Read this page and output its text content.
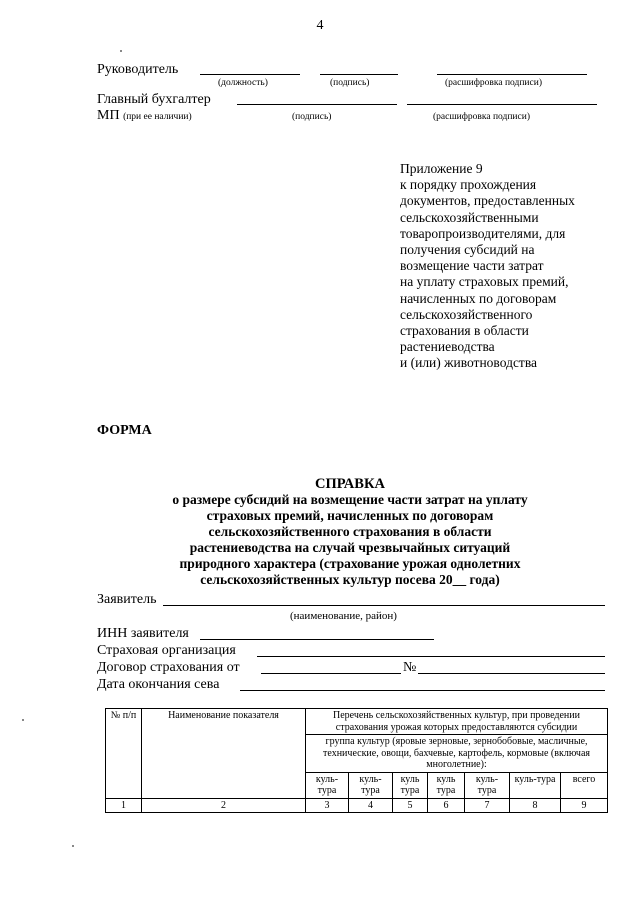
4
Руководитель
(должность)	(подпись)	(расшифровка подписи)
Главный бухгалтер
МП (при ее наличии)	(подпись)	(расшифровка подписи)
Приложение 9
к порядку прохождения
документов, предоставленных
сельскохозяйственными
товаропроизводителями, для
получения субсидий на
возмещение части затрат
на уплату страховых премий,
начисленных по договорам
сельскохозяйственного
страхования в области
растениеводства
и (или) животноводства
ФОРМА
СПРАВКА
о размере субсидий на возмещение части затрат на уплату
страховых премий, начисленных по договорам
сельскохозяйственного страхования в области
растениеводства на случай чрезвычайных ситуаций
природного характера (страхование урожая однолетних
сельскохозяйственных культур посева 20__ года)
Заявитель
(наименование, район)
ИНН заявителя
Страховая организация
Договор страхования от	№
Дата окончания сева
№ п/п	Наименование показателя	Перечень сельскохозяйственных культур, при проведении страхования урожая которых предоставляются субсидии						
		группа культур (яровые зерновые, зернобобовые, масличные, технические, овощи, бахчевые, картофель, кормовые (включая многолетние):						
		куль-тура	куль-тура	куль тура	куль тура	куль-тура	куль-тура	всего
1	2	3	4	5	6	7	8	9
